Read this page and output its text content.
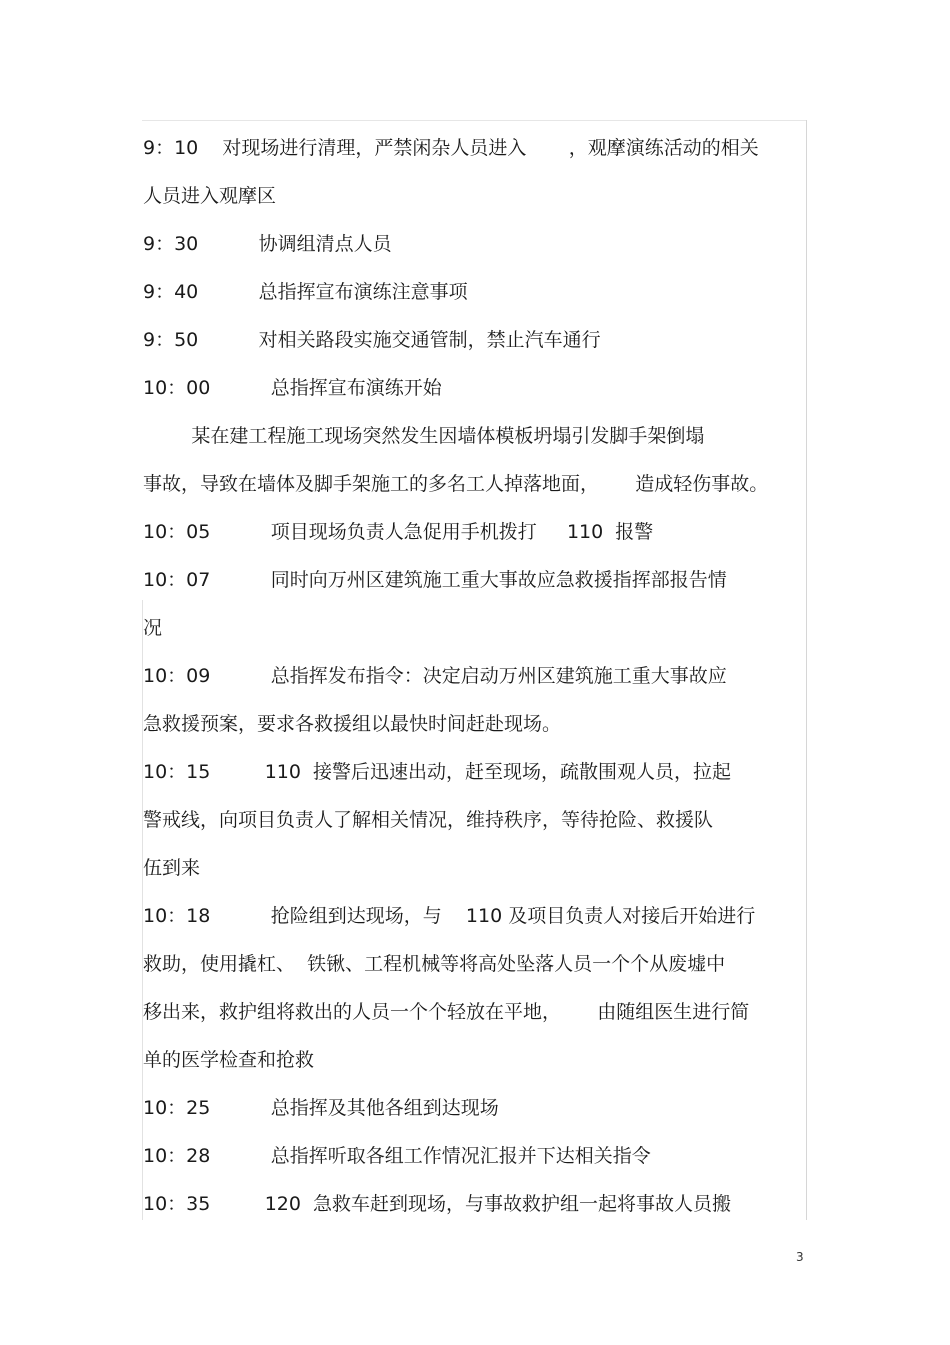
9：10    对现场进行清理，严禁闲杂人员进入       ，观摩演练活动的相关
人员进入观摩区
9：30          协调组清点人员
9：40          总指挥宣布演练注意事项
9：50          对相关路段实施交通管制，禁止汽车通行
10：00          总指挥宣布演练开始
某在建工程施工现场突然发生因墙体模板坍塌引发脚手架倒塌
事故，导致在墙体及脚手架施工的多名工人掉落地面，      造成轻伤事故。
10：05          项目现场负责人急促用手机拨打     110  报警
10：07          同时向万州区建筑施工重大事故应急救援指挥部报告情
况
10：09          总指挥发布指令：决定启动万州区建筑施工重大事故应
急救援预案，要求各救援组以最快时间赶赴现场。
10：15         110  接警后迅速出动，赶至现场，疏散围观人员，拉起
警戒线，向项目负责人了解相关情况，维持秩序，等待抢险、救援队
伍到来
10：18          抢险组到达现场，与    110 及项目负责人对接后开始进行
救助，使用撬杠、  铁锹、工程机械等将高处坠落人员一个个从废墟中
移出来，救护组将救出的人员一个个轻放在平地，      由随组医生进行简
单的医学检查和抢救
10：25          总指挥及其他各组到达现场
10：28          总指挥听取各组工作情况汇报并下达相关指令
10：35         120  急救车赶到现场，与事故救护组一起将事故人员搬
3
